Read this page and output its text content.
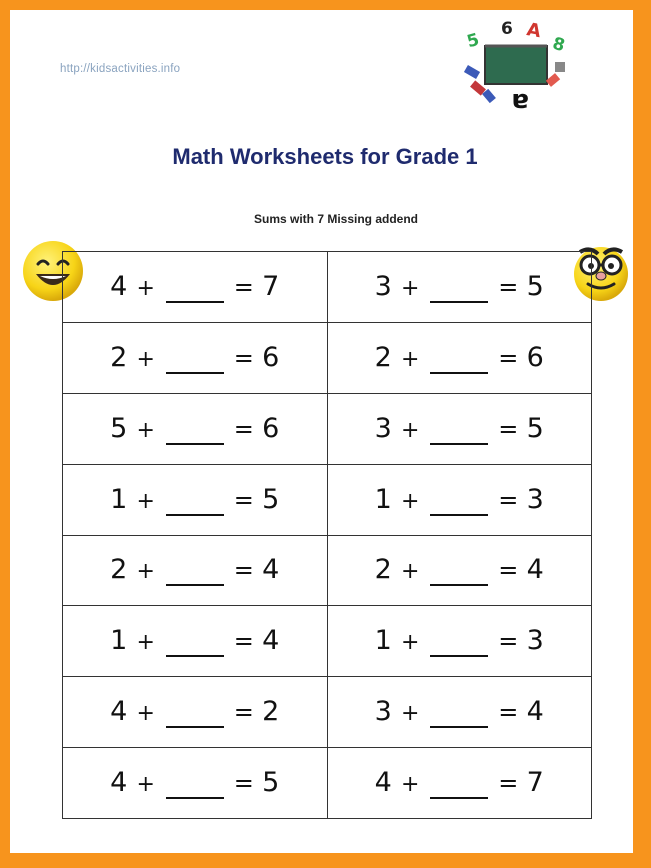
http://kidsactivities.info
5
6 A
8
a
Math Worksheets for Grade 1
Sums with 7 Missing addend
4 + = 7	3 + = 5
2 + = 6	2 + = 6
5 + = 6	3 + = 5
1 + = 5	1 + = 3
2 + = 4	2 + = 4
1 + = 4	1 + = 3
4 + = 2	3 + = 4
4 + = 5	4 + = 7
